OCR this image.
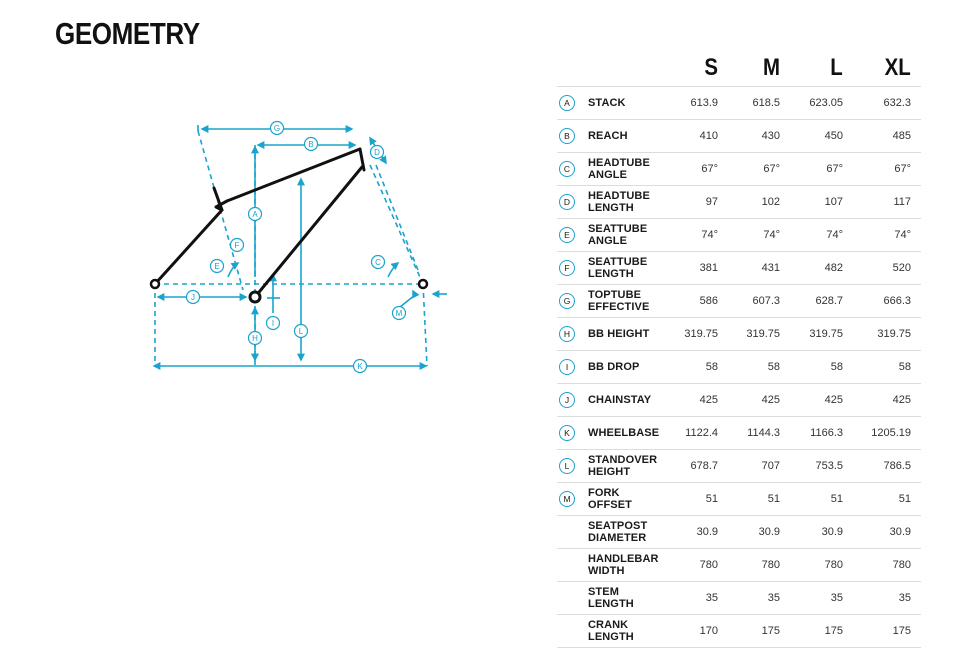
GEOMETRY
G
B
D
A
F
E	C
J
I
M
L
H
K
		S	M	L	XL
A	STACK	613.9	618.5	623.05	632.3
B	REACH	410	430	450	485
C	HEADTUBE ANGLE	67°	67°	67°	67°
D	HEADTUBE LENGTH	97	102	107	117
E	SEATTUBE ANGLE	74°	74°	74°	74°
F	SEATTUBE LENGTH	381	431	482	520
G	TOPTUBE EFFECTIVE	586	607.3	628.7	666.3
H	BB HEIGHT	319.75	319.75	319.75	319.75
I	BB DROP	58	58	58	58
J	CHAINSTAY	425	425	425	425
K	WHEELBASE	1122.4	1144.3	1166.3	1205.19
L	STANDOVER HEIGHT	678.7	707	753.5	786.5
M	FORK OFFSET	51	51	51	51
	SEATPOST DIAMETER	30.9	30.9	30.9	30.9
	HANDLEBAR WIDTH	780	780	780	780
	STEM LENGTH	35	35	35	35
	CRANK LENGTH	170	175	175	175
